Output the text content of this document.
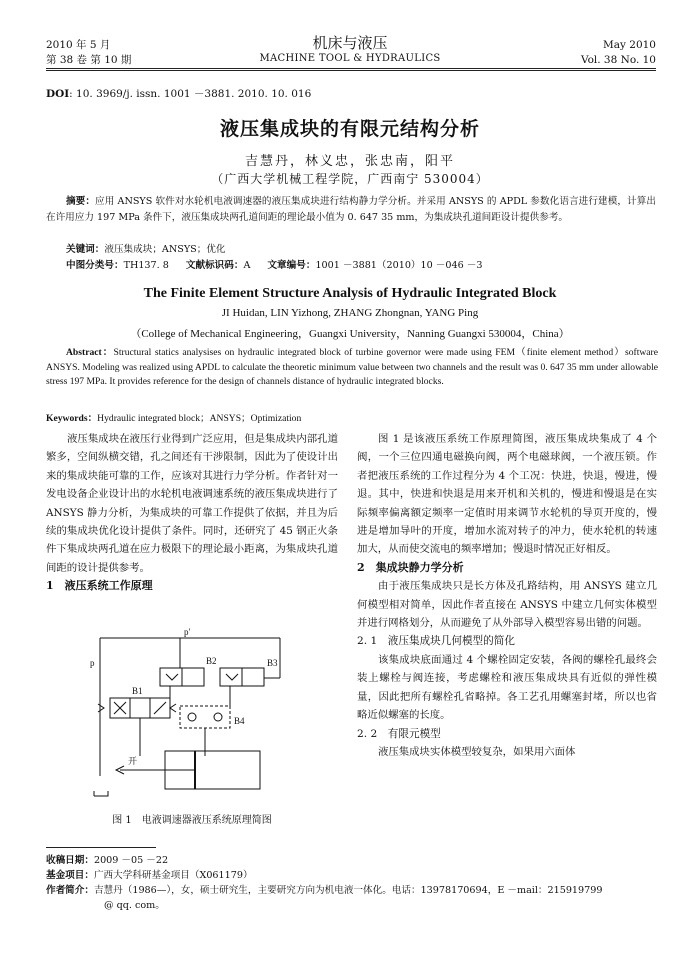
2010 年 5 月
第 38 卷 第 10 期
机床与液压
MACHINE TOOL & HYDRAULICS
May 2010
Vol. 38 No. 10
DOI: 10. 3969/j. issn. 1001 －3881. 2010. 10. 016
液压集成块的有限元结构分析
吉慧丹，林义忠，张忠南，阳平
（广西大学机械工程学院，广西南宁 530004）
摘要：应用 ANSYS 软件对水轮机电液调速器的液压集成块进行结构静力学分析。并采用 ANSYS 的 APDL 参数化语言进行建模，计算出在许用应力 197 MPa 条件下，液压集成块两孔道间距的理论最小值为 0. 647 35 mm，为集成块孔道间距设计提供参考。
关键词：液压集成块；ANSYS；优化
中图分类号：TH137. 8 文献标识码：A 文章编号：1001 －3881（2010）10 －046 －3
The Finite Element Structure Analysis of Hydraulic Integrated Block
JI Huidan, LIN Yizhong, ZHANG Zhongnan, YANG Ping
（College of Mechanical Engineering，Guangxi University，Nanning Guangxi 530004，China）
Abstract：Structural statics analysises on hydraulic integrated block of turbine governor were made using FEM（finite element method）software ANSYS. Modeling was realized using APDL to calculate the theoretic minimum value between two channels and the result was 0. 647 35 mm under allowable stress 197 MPa. It provides reference for the design of channels distance of hydraulic integrated blocks.
Keywords：Hydraulic integrated block；ANSYS；Optimization

液压集成块在液压行业得到广泛应用，但是集成块内部孔道繁多，空间纵横交错，孔之间还有干涉限制，因此为了使设计出来的集成块能可靠的工作，应该对其进行力学分析。作者针对一发电设备企业设计出的水轮机电液调速系统的液压集成块进行了 ANSYS 静力分析，为集成块的可靠工作提供了依据，并且为后续的集成块优化设计提供了条件。同时，还研究了 45 钢正火条件下集成块两孔道在应力极限下的理论最小距离，为集成块孔道间距的设计提供参考。

1　液压系统工作原理
p′
p	B2	B3
B1
B4
开
图 1　电液调速器液压系统原理简图

图 1 是该液压系统工作原理简图，液压集成块集成了 4 个阀，一个三位四通电磁换向阀，两个电磁球阀，一个液压锁。作者把液压系统的工作过程分为 4 个工况：快进，快退，慢进，慢退。其中，快进和快退是用来开机和关机的，慢进和慢退是在实际频率偏离额定频率一定值时用来调节水轮机的导页开度的，慢进是增加导叶的开度，增加水流对转子的冲力，使水轮机的转速加大，从而使交流电的频率增加；慢退时情况正好相反。

2　集成块静力学分析

由于液压集成块只是长方体及孔路结构，用 ANSYS 建立几何模型相对简单，因此作者直接在 ANSYS 中建立几何实体模型并进行网格划分，从而避免了从外部导入模型容易出错的问题。

2. 1　液压集成块几何模型的简化

该集成块底面通过 4 个螺栓固定安装，各阀的螺栓孔最终会装上螺栓与阀连接，考虑螺栓和液压集成块具有近似的弹性模量，因此把所有螺栓孔省略掉。各工艺孔用螺塞封堵，所以也省略近似螺塞的长度。

2. 2　有限元模型

液压集成块实体模型较复杂，如果用六面体

收稿日期：2009 －05 －22
基金项目：广西大学科研基金项目（X061179）
作者简介：吉慧丹（1986—），女，硕士研究生，主要研究方向为机电液一体化。电话：13978170694，E －mail：215919799
@ qq. com。
